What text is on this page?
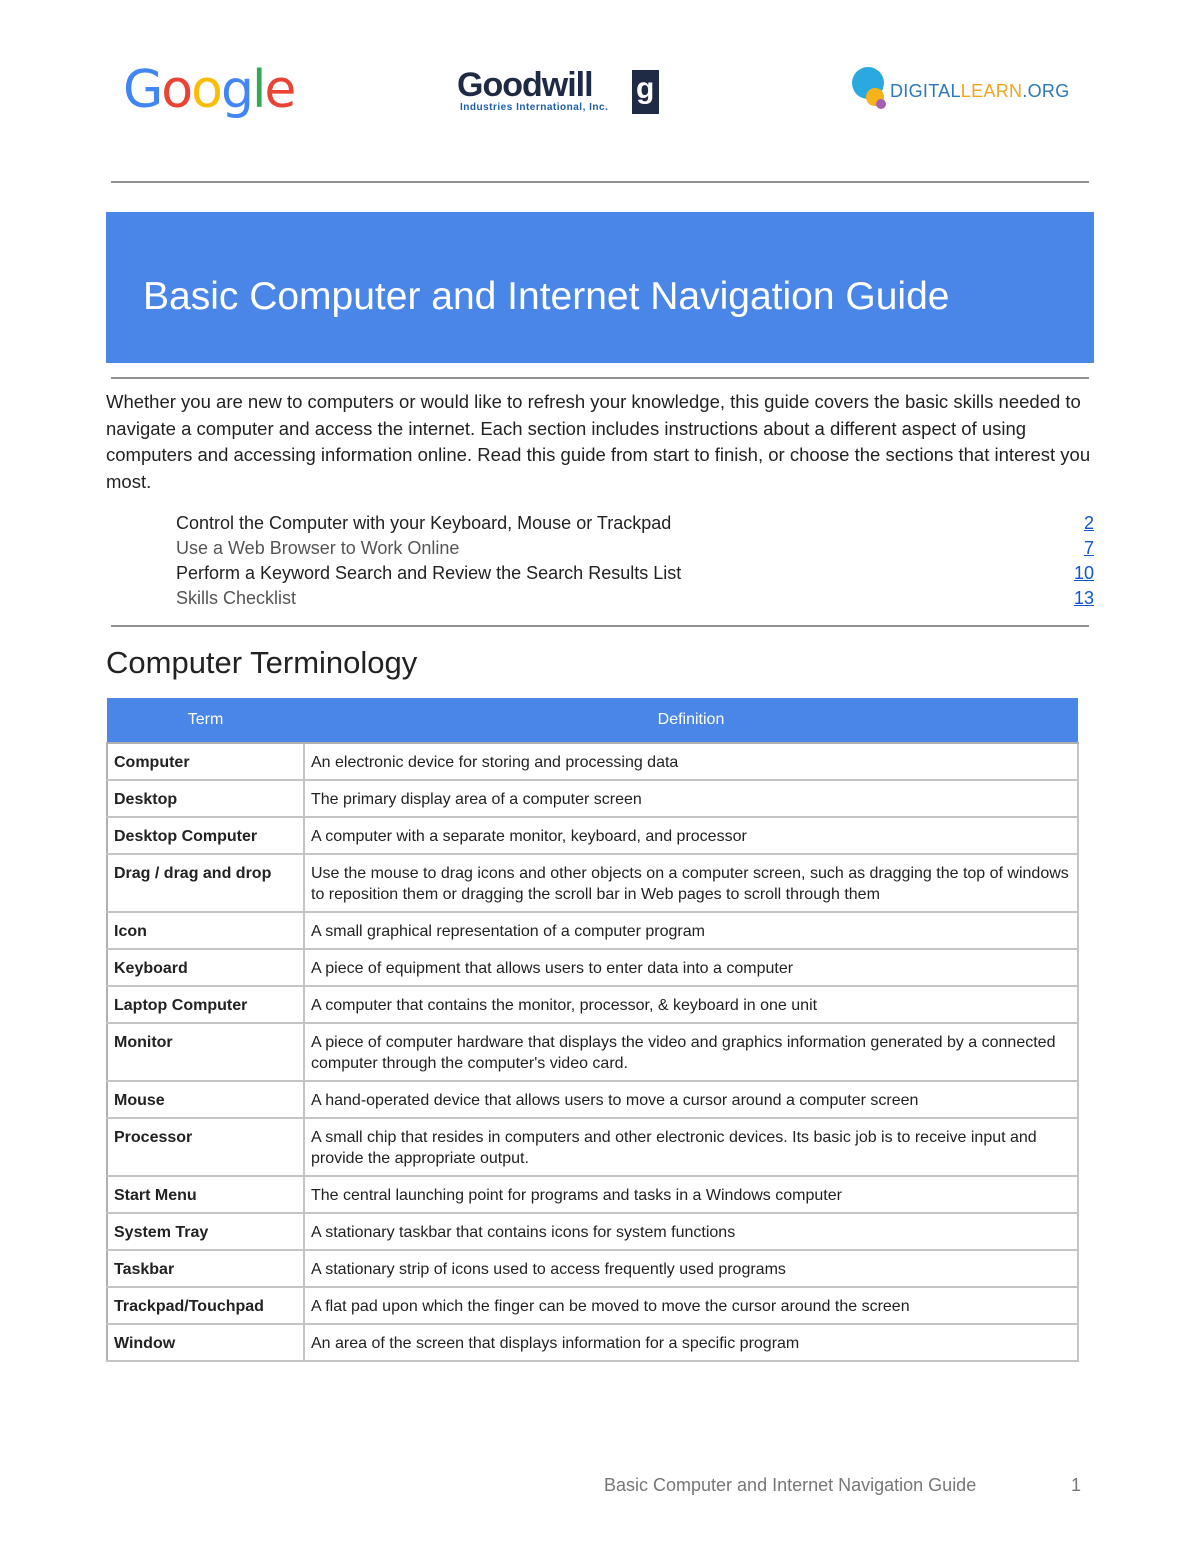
Google	Goodwill g
Industries International, Inc.
DIGITALLEARN.ORG
Basic Computer and Internet Navigation Guide
Whether you are new to computers or would like to refresh your knowledge, this guide covers the basic skills needed to navigate a computer and access the internet. Each section includes instructions about a different aspect of using computers and accessing information online. Read this guide from start to finish, or choose the sections that interest you most.
Control the Computer with your Keyboard, Mouse or Trackpad	2
Use a Web Browser to Work Online	7
Perform a Keyword Search and Review the Search Results List	10
Skills Checklist	13
Computer Terminology
Term	Definition
Computer	An electronic device for storing and processing data
Desktop	The primary display area of a computer screen
Desktop Computer	A computer with a separate monitor, keyboard, and processor
Drag / drag and drop	Use the mouse to drag icons and other objects on a computer screen, such as dragging the top of windows to reposition them or dragging the scroll bar in Web pages to scroll through them
Icon	A small graphical representation of a computer program
Keyboard	A piece of equipment that allows users to enter data into a computer
Laptop Computer	A computer that contains the monitor, processor, & keyboard in one unit
Monitor	A piece of computer hardware that displays the video and graphics information generated by a connected computer through the computer's video card.
Mouse	A hand-operated device that allows users to move a cursor around a computer screen
Processor	A small chip that resides in computers and other electronic devices. Its basic job is to receive input and provide the appropriate output.
Start Menu	The central launching point for programs and tasks in a Windows computer
System Tray	A stationary taskbar that contains icons for system functions
Taskbar	A stationary strip of icons used to access frequently used programs
Trackpad/Touchpad	A flat pad upon which the finger can be moved to move the cursor around the screen
Window	An area of the screen that displays information for a specific program
Basic Computer and Internet Navigation Guide	1
